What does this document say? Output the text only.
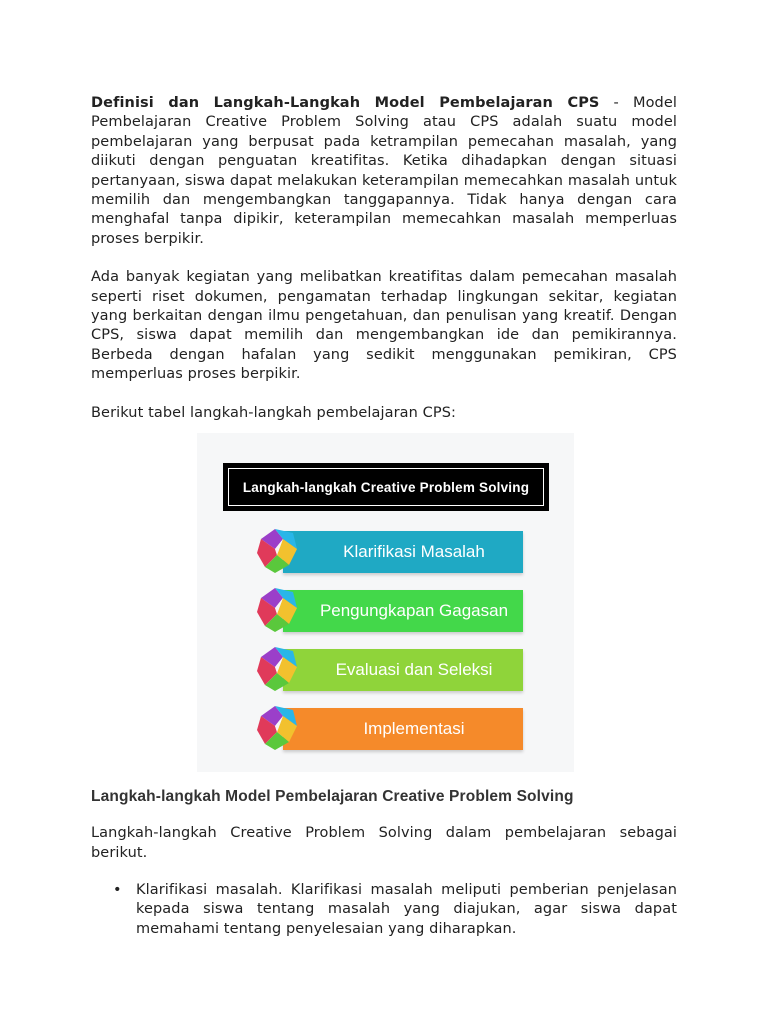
Definisi dan Langkah-Langkah Model Pembelajaran CPS - Model Pembelajaran Creative Problem Solving atau CPS adalah suatu model pembelajaran yang berpusat pada ketrampilan pemecahan masalah, yang diikuti dengan penguatan kreatifitas. Ketika dihadapkan dengan situasi pertanyaan, siswa dapat melakukan keterampilan memecahkan masalah untuk memilih dan mengembangkan tanggapannya. Tidak hanya dengan cara menghafal tanpa dipikir, keterampilan memecahkan masalah memperluas proses berpikir.

Ada banyak kegiatan yang melibatkan kreatifitas dalam pemecahan masalah seperti riset dokumen, pengamatan terhadap lingkungan sekitar, kegiatan yang berkaitan dengan ilmu pengetahuan, dan penulisan yang kreatif. Dengan CPS, siswa dapat memilih dan mengembangkan ide dan pemikirannya. Berbeda dengan hafalan yang sedikit menggunakan pemikiran, CPS memperluas proses berpikir.

Berikut tabel langkah-langkah pembelajaran CPS:

Langkah-langkah Creative Problem Solving
Klarifikasi Masalah
Pengungkapan Gagasan
Evaluasi dan Seleksi
Implementasi
Langkah-langkah Model Pembelajaran Creative Problem Solving

Langkah-langkah Creative Problem Solving dalam pembelajaran sebagai berikut.

• Klarifikasi masalah. Klarifikasi masalah meliputi pemberian penjelasan kepada siswa tentang masalah yang diajukan, agar siswa dapat memahami tentang penyelesaian yang diharapkan.
